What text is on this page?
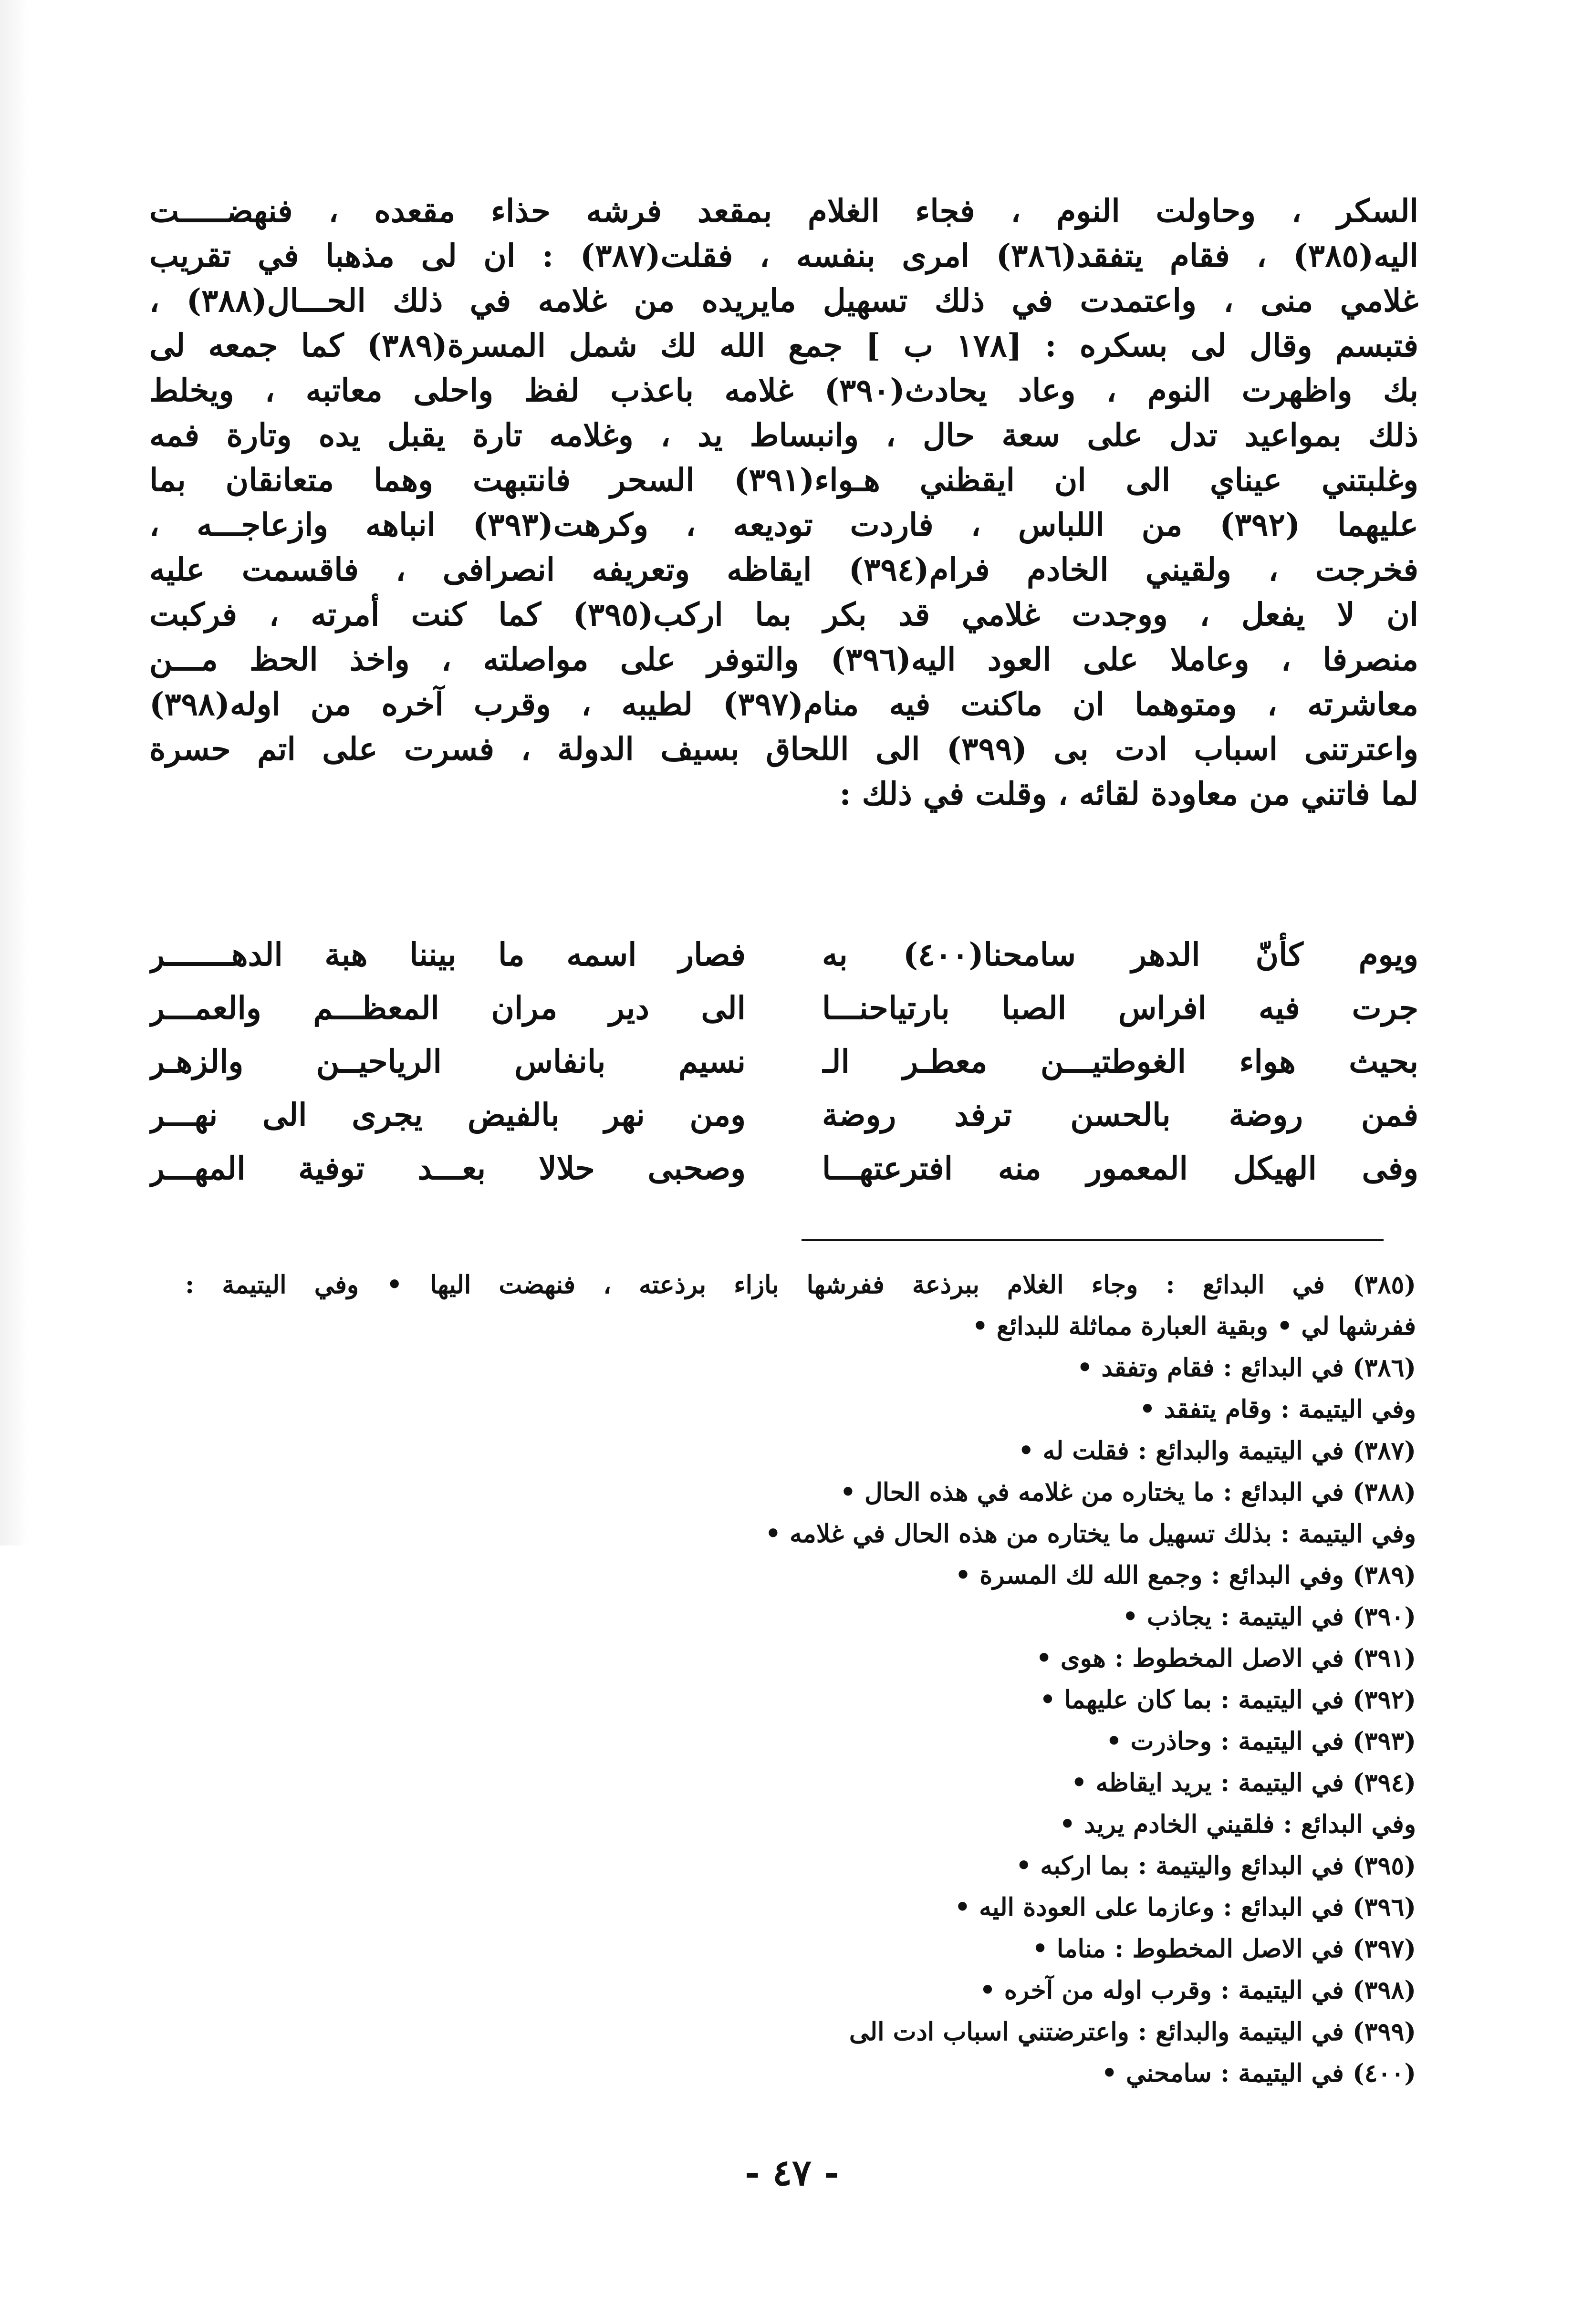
السكر ، وحاولت النوم ، فجاء الغلام بمقعد فرشه حذاء مقعده ، فنهضـــــت
اليه(٣٨٥) ، فقام يتفقد(٣٨٦) امرى بنفسه ، فقلت(٣٨٧) : ان لى مذهبا في تقريب
غلامي منى ، واعتمدت في ذلك تسهيل مايريده من غلامه في ذلك الحـــال(٣٨٨) ،
فتبسم وقال لى بسكره : [١٧٨ ب ] جمع الله لك شمل المسرة(٣٨٩) كما جمعه لى
بك واظهرت النوم ، وعاد يحادث(٣٩٠) غلامه باعذب لفظ واحلى معاتبه ، ويخلط
ذلك بمواعيد تدل على سعة حال ، وانبساط يد ، وغلامه تارة يقبل يده وتارة فمه
وغلبتني عيناي الى ان ايقظني هـواء(٣٩١) السحر فانتبهت وهما متعانقان بما
عليهما (٣٩٢) من اللباس ، فاردت توديعه ، وكرهت(٣٩٣) انباهه وازعاجـــه ،
فخرجت ، ولقيني الخادم فرام(٣٩٤) ايقاظه وتعريفه انصرافى ، فاقسمت عليه
ان لا يفعل ، ووجدت غلامي قد بكر بما اركب(٣٩٥) كما كنت أمرته ، فركبت
منصرفا ، وعاملا على العود اليه(٣٩٦) والتوفر على مواصلته ، واخذ الحظ مـــن
معاشرته ، ومتوهما ان ماكنت فيه منام(٣٩٧) لطيبه ، وقرب آخره من اوله(٣٩٨)
واعترتنى اسباب ادت بى (٣٩٩) الى اللحاق بسيف الدولة ، فسرت على اتم حسرة
لما فاتني من معاودة لقائه ، وقلت في ذلك :
ويوم كأنّ الدهر سامحنا(٤٠٠) به
فصار اسمه ما بيننا هبة الدهـــــــر
جرت فيه افراس الصبا بارتياحنـــا
الى دير مران المعظـــم والعمـــر
بحيث هواء الغوطتيـــن معطـر الـ
نسيم بانفاس الرياحيــن والزهـر
فمن روضة بالحسن ترفد روضة
ومن نهر بالفيض يجرى الى نهـــر
وفى الهيكل المعمور منه افترعتهـــا
وصحبى حلالا بعـــد توفية المهـــر
(٣٨٥) في البدائع : وجاء الغلام ببرذعة ففرشها بازاء برذعته ، فنهضت اليها • وفي اليتيمة :
ففرشها لي • وبقية العبارة مماثلة للبدائع •
(٣٨٦) في البدائع : فقام وتفقد •
وفي اليتيمة : وقام يتفقد •
(٣٨٧) في اليتيمة والبدائع : فقلت له •
(٣٨٨) في البدائع : ما يختاره من غلامه في هذه الحال •
وفي اليتيمة : بذلك تسهيل ما يختاره من هذه الحال في غلامه •
(٣٨٩) وفي البدائع : وجمع الله لك المسرة •
(٣٩٠) في اليتيمة : يجاذب •
(٣٩١) في الاصل المخطوط : هوى •
(٣٩٢) في اليتيمة : بما كان عليهما •
(٣٩٣) في اليتيمة : وحاذرت •
(٣٩٤) في اليتيمة : يريد ايقاظه •
وفي البدائع : فلقيني الخادم يريد •
(٣٩٥) في البدائع واليتيمة : بما اركبه •
(٣٩٦) في البدائع : وعازما على العودة اليه •
(٣٩٧) في الاصل المخطوط : مناما •
(٣٩٨) في اليتيمة : وقرب اوله من آخره •
(٣٩٩) في اليتيمة والبدائع : واعترضتني اسباب ادت الى
(٤٠٠) في اليتيمة : سامحني •
- ٤٧ -
